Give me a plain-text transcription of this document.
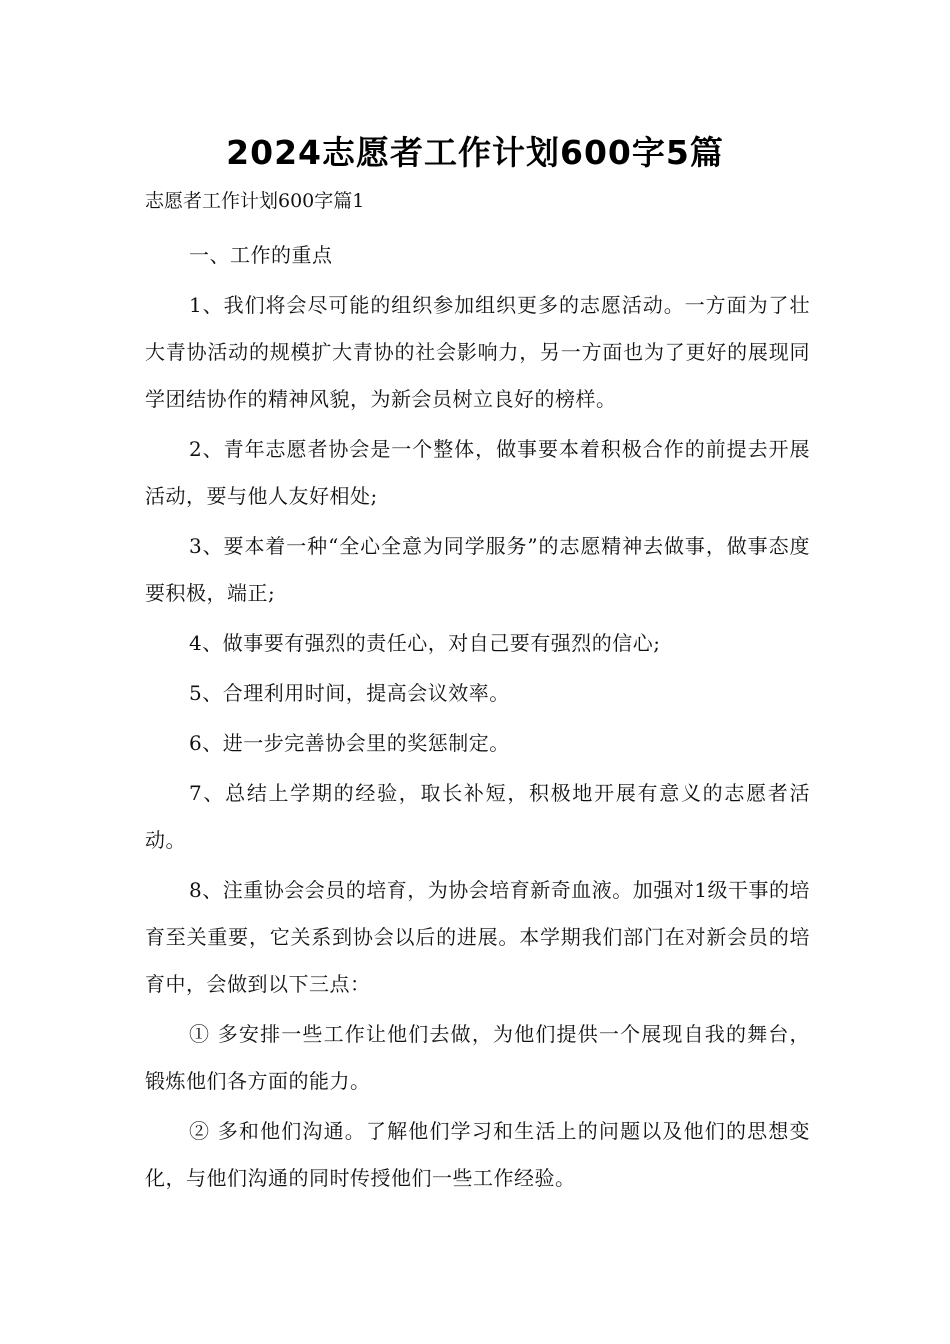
2024志愿者工作计划600字5篇

志愿者工作计划600字篇1

一、工作的重点

1、我们将会尽可能的组织参加组织更多的志愿活动。一方面为了壮大青协活动的规模扩大青协的社会影响力，另一方面也为了更好的展现同学团结协作的精神风貌，为新会员树立良好的榜样。

2、青年志愿者协会是一个整体，做事要本着积极合作的前提去开展活动，要与他人友好相处;

3、要本着一种“全心全意为同学服务”的志愿精神去做事，做事态度要积极，端正;

4、做事要有强烈的责任心，对自己要有强烈的信心;

5、合理利用时间，提高会议效率。

6、进一步完善协会里的奖惩制定。

7、总结上学期的经验，取长补短，积极地开展有意义的志愿者活动。

8、注重协会会员的培育，为协会培育新奇血液。加强对1级干事的培育至关重要，它关系到协会以后的进展。本学期我们部门在对新会员的培育中，会做到以下三点：

① 多安排一些工作让他们去做，为他们提供一个展现自我的舞台，锻炼他们各方面的能力。

② 多和他们沟通。了解他们学习和生活上的问题以及他们的思想变化，与他们沟通的同时传授他们一些工作经验。
